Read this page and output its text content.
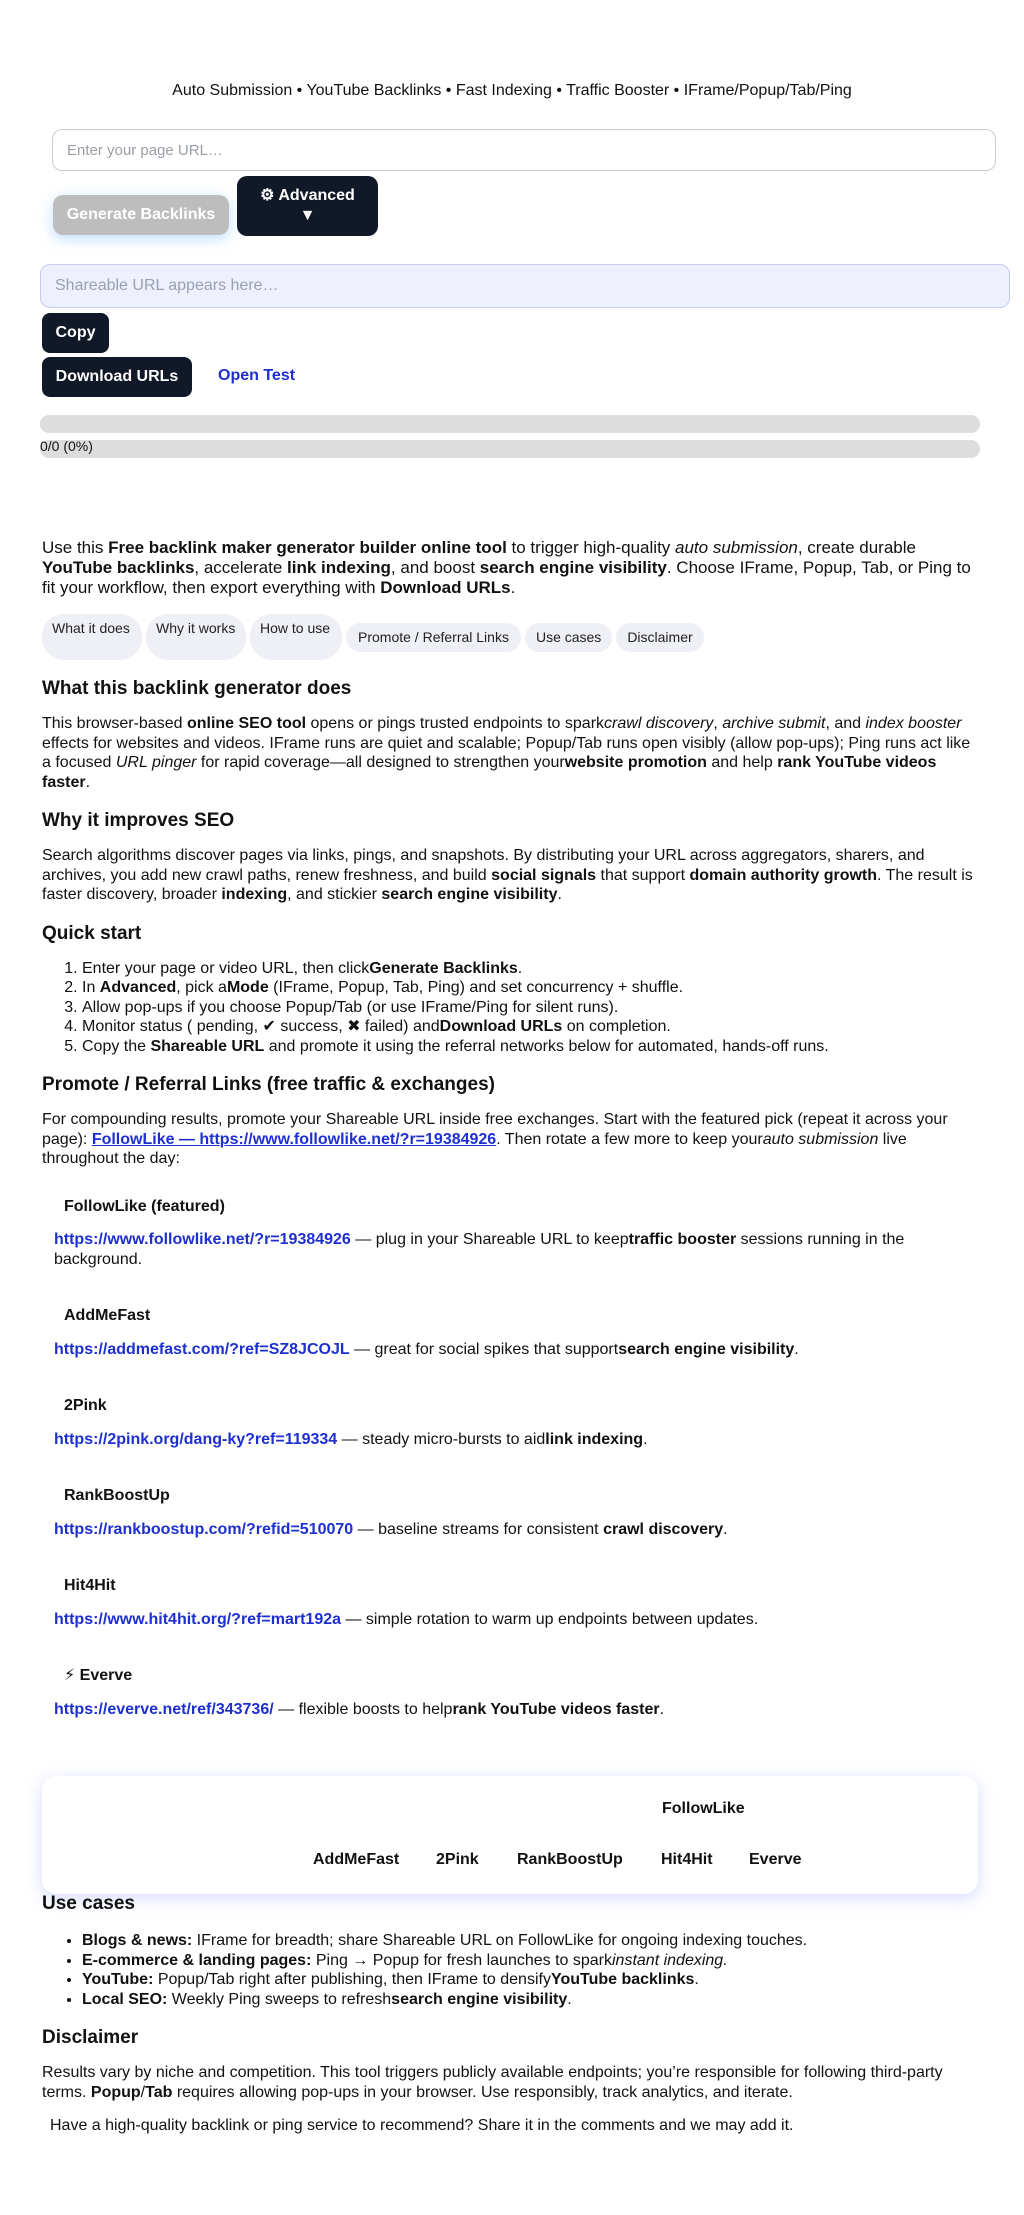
Auto Submission • YouTube Backlinks • Fast Indexing • Traffic Booster • IFrame/Popup/Tab/Ping
Enter your page URL…
Generate Backlinks
⚙ Advanced
▼
Shareable URL appears here…
Copy
Download URLs	Open Test
0/0 (0%)

Use this Free backlink maker generator builder online tool to trigger high-quality auto submission, create durable YouTube backlinks, accelerate link indexing, and boost search engine visibility. Choose IFrame, Popup, Tab, or Ping to fit your workflow, then export everything with Download URLs.

What it does	Why it works	How to use
Promote / Referral Links	Use cases	Disclaimer
What this backlink generator does

This browser-based online SEO tool opens or pings trusted endpoints to sparkcrawl discovery, archive submit, and index booster effects for websites and videos. IFrame runs are quiet and scalable; Popup/Tab runs open visibly (allow pop-ups); Ping runs act like a focused URL pinger for rapid coverage—all designed to strengthen yourwebsite promotion and help rank YouTube videos faster.

Why it improves SEO

Search algorithms discover pages via links, pings, and snapshots. By distributing your URL across aggregators, sharers, and archives, you add new crawl paths, renew freshness, and build social signals that support domain authority growth. The result is faster discovery, broader indexing, and stickier search engine visibility.

Quick start
1. Enter your page or video URL, then clickGenerate Backlinks.
2. In Advanced, pick aMode (IFrame, Popup, Tab, Ping) and set concurrency + shuffle.
3. Allow pop-ups if you choose Popup/Tab (or use IFrame/Ping for silent runs).
4. Monitor status ( pending, ✔ success, ✖ failed) andDownload URLs on completion.
5. Copy the Shareable URL and promote it using the referral networks below for automated, hands-off runs.
Promote / Referral Links (free traffic & exchanges)

For compounding results, promote your Shareable URL inside free exchanges. Start with the featured pick (repeat it across your page): FollowLike — https://www.followlike.net/?r=19384926. Then rotate a few more to keep yourauto submission live throughout the day:

FollowLike (featured)
https://www.followlike.net/?r=19384926 — plug in your Shareable URL to keeptraffic booster sessions running in the background.
AddMeFast
https://addmefast.com/?ref=SZ8JCOJL — great for social spikes that supportsearch engine visibility.
2Pink
https://2pink.org/dang-ky?ref=119334 — steady micro-bursts to aidlink indexing.
RankBoostUp
https://rankboostup.com/?refid=510070 — baseline streams for consistent crawl discovery.
Hit4Hit
https://www.hit4hit.org/?ref=mart192a — simple rotation to warm up endpoints between updates.
⚡ Everve
https://everve.net/ref/343736/ — flexible boosts to helprank YouTube videos faster.
FollowLike
AddMeFast 2Pink RankBoostUp Hit4Hit Everve
Use cases
• Blogs & news: IFrame for breadth; share Shareable URL on FollowLike for ongoing indexing touches.
• E-commerce & landing pages: Ping → Popup for fresh launches to sparkinstant indexing.
• YouTube: Popup/Tab right after publishing, then IFrame to densifyYouTube backlinks.
• Local SEO: Weekly Ping sweeps to refreshsearch engine visibility.
Disclaimer

Results vary by niche and competition. This tool triggers publicly available endpoints; you’re responsible for following third-party terms. Popup/Tab requires allowing pop-ups in your browser. Use responsibly, track analytics, and iterate.

Have a high-quality backlink or ping service to recommend? Share it in the comments and we may add it.
